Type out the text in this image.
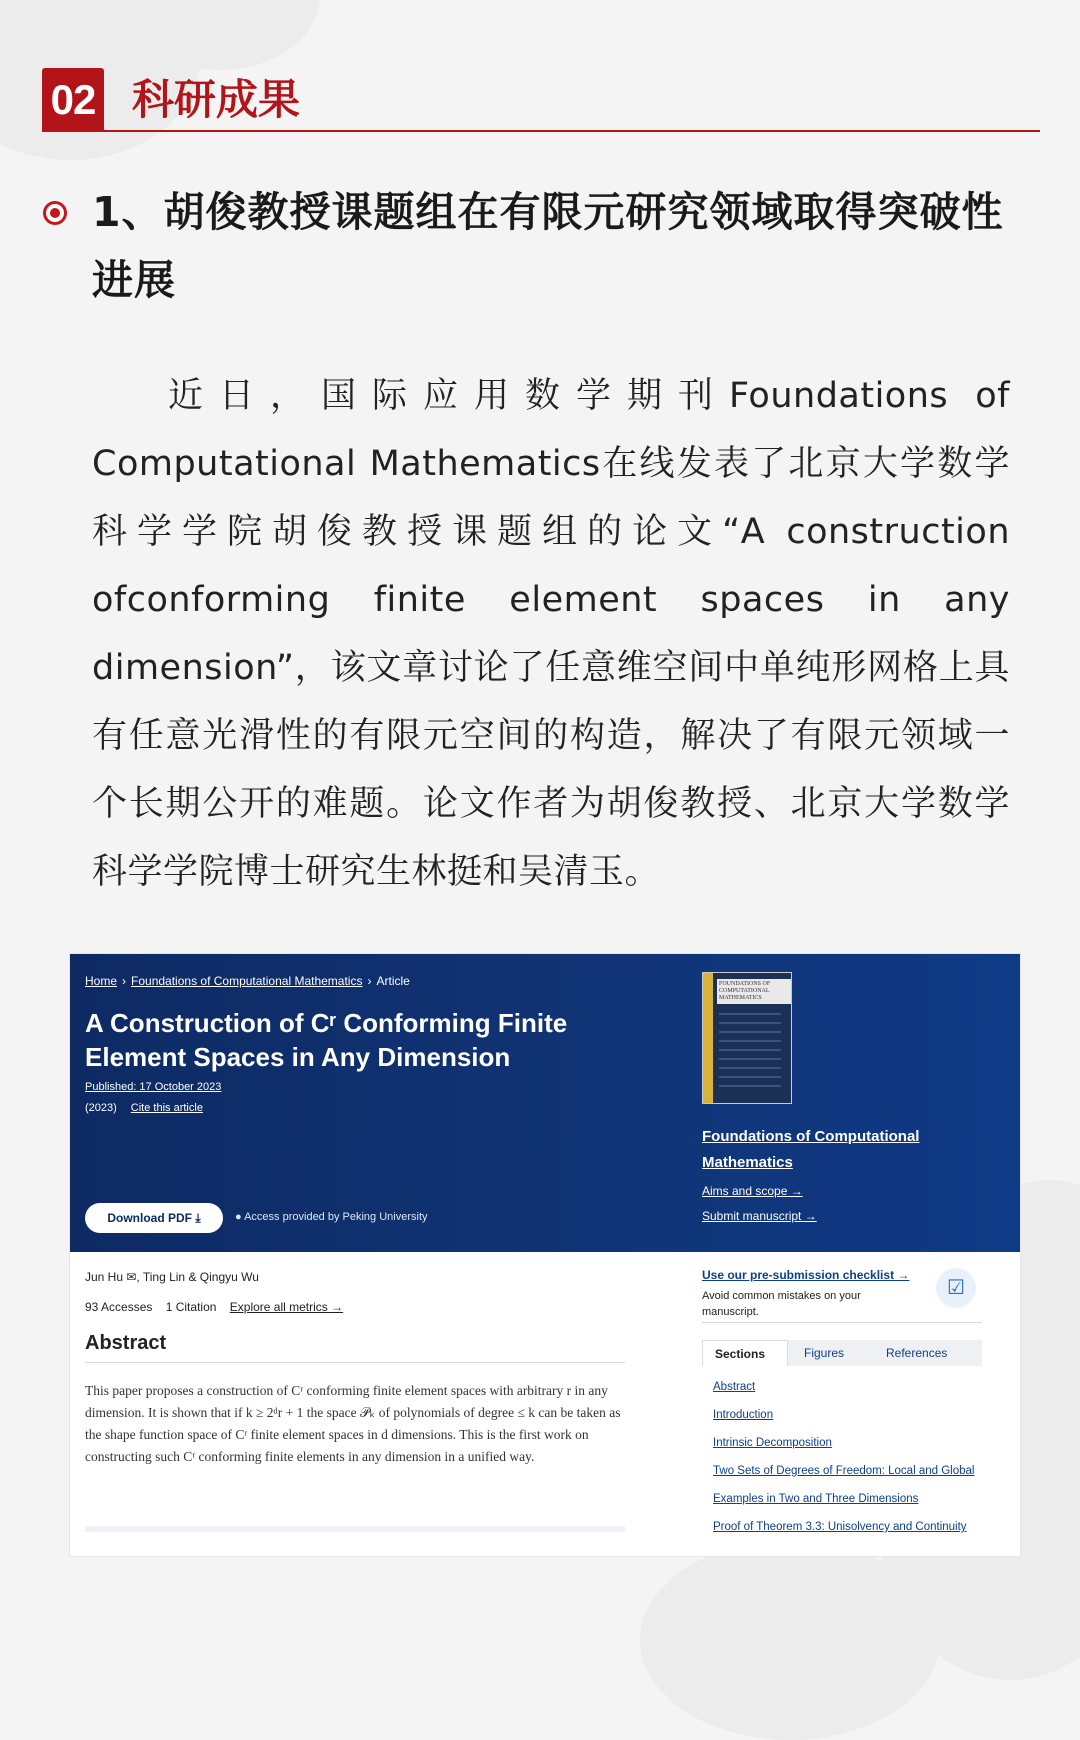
02 科研成果
1、胡俊教授课题组在有限元研究领域取得突破性进展
近日，国际应用数学期刊Foundations of Computational Mathematics在线发表了北京大学数学科学学院胡俊教授课题组的论文“A construction ofconforming finite element spaces in any dimension”，该文章讨论了任意维空间中单纯形网格上具有任意光滑性的有限元空间的构造，解决了有限元领域一个长期公开的难题。论文作者为胡俊教授、北京大学数学科学学院博士研究生林挺和吴清玉。
Home › Foundations of Computational Mathematics › Article
A Construction of Cʳ Conforming Finite Element Spaces in Any Dimension
Published: 17 October 2023
(2023) Cite this article
Download PDF ⤓	● Access provided by Peking University
FOUNDATIONS OF COMPUTATIONAL MATHEMATICS
Foundations of Computational Mathematics
Aims and scope →
Submit manuscript →
Jun Hu ✉, Ting Lin & Qingyu Wu
93 Accesses 1 Citation Explore all metrics →
Abstract
This paper proposes a construction of Cʳ conforming finite element spaces with arbitrary r in any dimension. It is shown that if k ≥ 2ᵈr + 1 the space 𝒫ₖ of polynomials of degree ≤ k can be taken as the shape function space of Cʳ finite element spaces in d dimensions. This is the first work on constructing such Cʳ conforming finite elements in any dimension in a unified way.
Use our pre-submission checklist →
Avoid common mistakes on your manuscript.
☑
Sections	Figures	References
Abstract
Introduction
Intrinsic Decomposition
Two Sets of Degrees of Freedom: Local and Global
Examples in Two and Three Dimensions
Proof of Theorem 3.3: Unisolvency and Continuity
